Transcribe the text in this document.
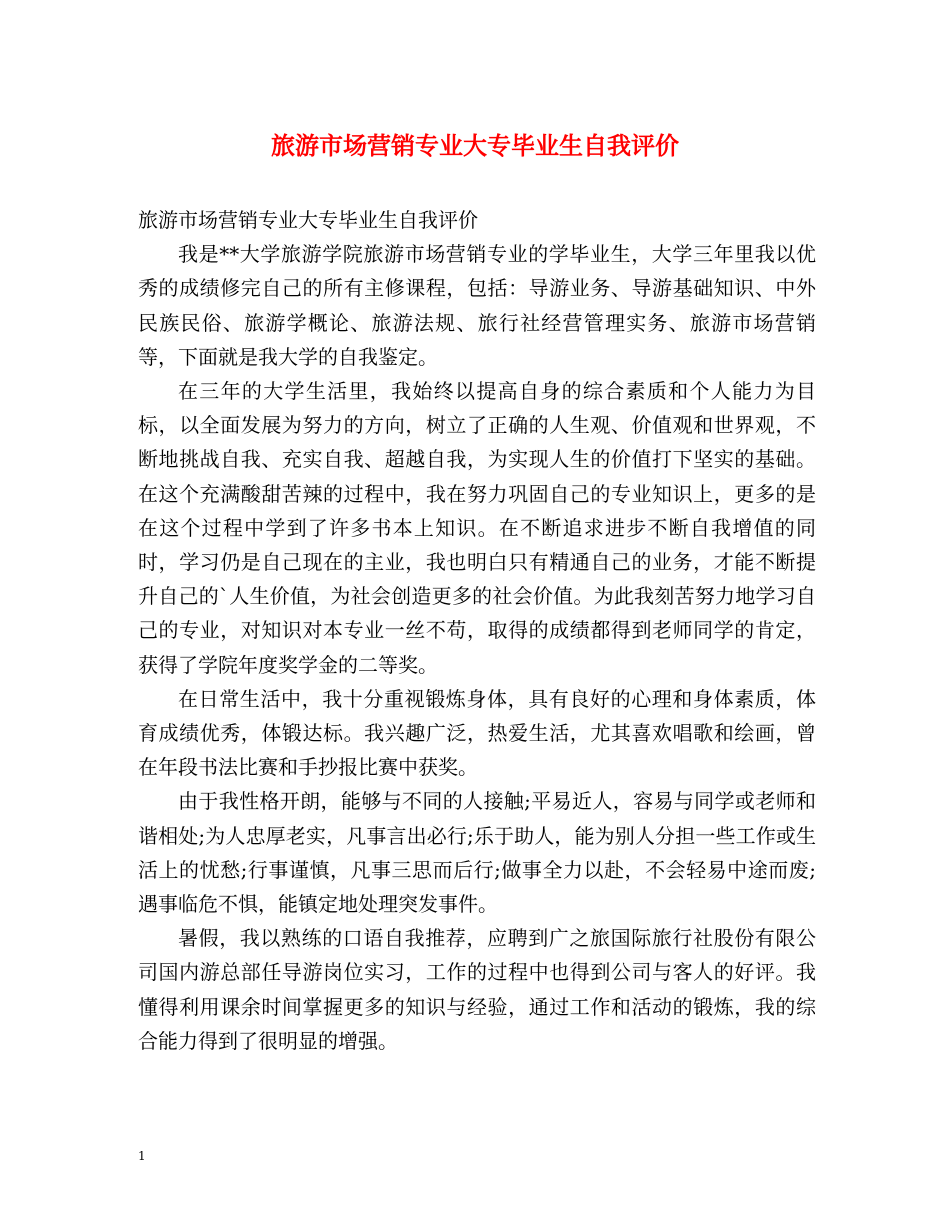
旅游市场营销专业大专毕业生自我评价

旅游市场营销专业大专毕业生自我评价

我是**大学旅游学院旅游市场营销专业的学毕业生，大学三年里我以优秀的成绩修完自己的所有主修课程，包括：导游业务、导游基础知识、中外民族民俗、旅游学概论、旅游法规、旅行社经营管理实务、旅游市场营销等，下面就是我大学的自我鉴定。

在三年的大学生活里，我始终以提高自身的综合素质和个人能力为目标，以全面发展为努力的方向，树立了正确的人生观、价值观和世界观，不断地挑战自我、充实自我、超越自我，为实现人生的价值打下坚实的基础。在这个充满酸甜苦辣的过程中，我在努力巩固自己的专业知识上，更多的是在这个过程中学到了许多书本上知识。在不断追求进步不断自我增值的同时，学习仍是自己现在的主业，我也明白只有精通自己的业务，才能不断提升自己的`人生价值，为社会创造更多的社会价值。为此我刻苦努力地学习自己的专业，对知识对本专业一丝不苟，取得的成绩都得到老师同学的肯定，获得了学院年度奖学金的二等奖。

在日常生活中，我十分重视锻炼身体，具有良好的心理和身体素质，体育成绩优秀，体锻达标。我兴趣广泛，热爱生活，尤其喜欢唱歌和绘画，曾在年段书法比赛和手抄报比赛中获奖。

由于我性格开朗，能够与不同的人接触;平易近人，容易与同学或老师和谐相处;为人忠厚老实，凡事言出必行;乐于助人，能为别人分担一些工作或生活上的忧愁;行事谨慎，凡事三思而后行;做事全力以赴，不会轻易中途而废;遇事临危不惧，能镇定地处理突发事件。

暑假，我以熟练的口语自我推荐，应聘到广之旅国际旅行社股份有限公司国内游总部任导游岗位实习，工作的过程中也得到公司与客人的好评。我懂得利用课余时间掌握更多的知识与经验，通过工作和活动的锻炼，我的综合能力得到了很明显的增强。

1
